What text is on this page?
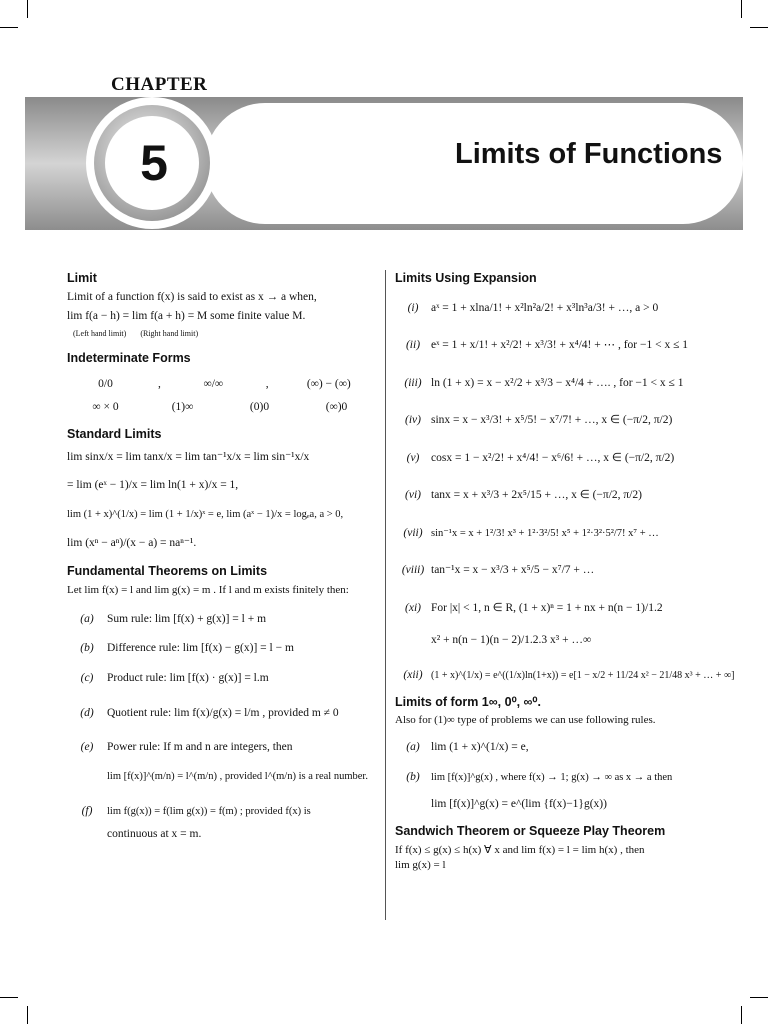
CHAPTER
5	Limits of Functions
Limit

Limit of a function f(x) is said to exist as x → a when,

lim f(a − h) = lim f(a + h) = M some finite value M.

(Left hand limit) (Right hand limit)
Indeterminate Forms
0/0	,	∞/∞	,	(∞) − (∞)
∞ × 0	(1)∞	(0)0	(∞)0
Standard Limits

lim sinx/x = lim tanx/x = lim tan⁻¹x/x = lim sin⁻¹x/x

= lim (eˣ − 1)/x = lim ln(1 + x)/x = 1,

lim (1 + x)^(1/x) = lim (1 + 1/x)ˣ = e, lim (aˣ − 1)/x = logₑa, a > 0,

lim (xⁿ − aⁿ)/(x − a) = naⁿ⁻¹.

Fundamental Theorems on Limits

Let lim f(x) = l and lim g(x) = m . If l and m exists finitely then:

(a)	Sum rule: lim [f(x) + g(x)] = l + m
(b)	Difference rule: lim [f(x) − g(x)] = l − m
(c)	Product rule: lim [f(x) · g(x)] = l.m
(d)	Quotient rule: lim f(x)/g(x) = l/m , provided m ≠ 0
(e)	Power rule: If m and n are integers, then
lim [f(x)]^(m/n) = l^(m/n) , provided l^(m/n) is a real number.
(f)	lim f(g(x)) = f(lim g(x)) = f(m) ; provided f(x) is
continuous at x = m.
Limits Using Expansion
(i)	aˣ = 1 + xlna/1! + x²ln²a/2! + x³ln³a/3! + …, a > 0
(ii) eˣ = 1 + x/1! + x²/2! + x³/3! + x⁴/4! + ⋯ , for −1 < x ≤ 1
(iii) ln (1 + x) = x − x²/2 + x³/3 − x⁴/4 + …. , for −1 < x ≤ 1
(iv) sinx = x − x³/3! + x⁵/5! − x⁷/7! + …, x ∈ (−π/2, π/2)
(v)	cosx = 1 − x²/2! + x⁴/4! − x⁶/6! + …, x ∈ (−π/2, π/2)
(vi) tanx = x + x³/3 + 2x⁵/15 + …, x ∈ (−π/2, π/2)
(vii) sin⁻¹x = x + 1²/3! x³ + 1²·3²/5! x⁵ + 1²·3²·5²/7! x⁷ + …
(viii) tan⁻¹x = x − x³/3 + x⁵/5 − x⁷/7 + …
(xi) For |x| < 1, n ∈ R, (1 + x)ⁿ = 1 + nx + n(n − 1)/1.2
x² + n(n − 1)(n − 2)/1.2.3 x³ + …∞
(xii) (1 + x)^(1/x) = e^((1/x)ln(1+x)) = e[1 − x/2 + 11/24 x² − 21/48 x³ + … + ∞]
Limits of form 1∞, 0⁰, ∞⁰.

Also for (1)∞ type of problems we can use following rules.

(a) lim (1 + x)^(1/x) = e,
(b)	lim [f(x)]^g(x) , where f(x) → 1; g(x) → ∞ as x → a then
lim [f(x)]^g(x) = e^(lim {f(x)−1}g(x))
Sandwich Theorem or Squeeze Play Theorem

If f(x) ≤ g(x) ≤ h(x) ∀ x and lim f(x) = l = lim h(x) , then

lim g(x) = l
